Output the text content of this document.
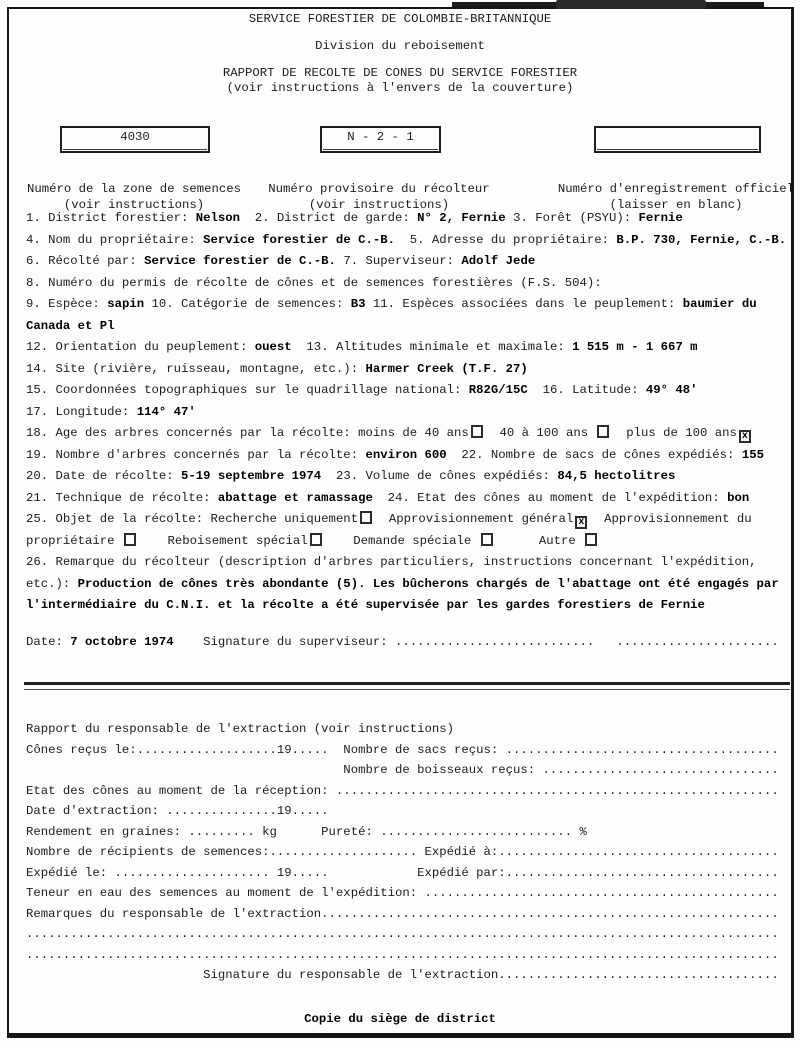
SERVICE FORESTIER DE COLOMBIE-BRITANNIQUE
Division du reboisement
RAPPORT DE RECOLTE DE CONES DU SERVICE FORESTIER
(voir instructions à l'envers de la couverture)
4030	N - 2 - 1

Numéro de la zone de semences
(voir instructions)

Numéro provisoire du récolteur
(voir instructions)

Numéro d'enregistrement officiel
(laisser en blanc)

1. District forestier: Nelson  2. District de garde: N° 2, Fernie 3. Forêt (PSYU): Fernie
4. Nom du propriétaire: Service forestier de C.-B.  5. Adresse du propriétaire: B.P. 730, Fernie, C.-B.
6. Récolté par: Service forestier de C.-B. 7. Superviseur: Adolf Jede
8. Numéro du permis de récolte de cônes et de semences forestières (F.S. 504):
9. Espèce: sapin 10. Catégorie de semences: B3 11. Espèces associées dans le peuplement: baumier du
Canada et Pl
12. Orientation du peuplement: ouest  13. Altitudes minimale et maximale: 1 515 m - 1 667 m
14. Site (rivière, ruisseau, montagne, etc.): Harmer Creek (T.F. 27)
15. Coordonnées topographiques sur le quadrillage national: R82G/15C  16. Latitude: 49° 48'
17. Longitude: 114° 47'
18. Age des arbres concernés par la récolte: moins de 40 ans  40 à 100 ans   plus de 100 ans x
19. Nombre d'arbres concernés par la récolte: environ 600  22. Nombre de sacs de cônes expédiés: 155
20. Date de récolte: 5-19 septembre 1974  23. Volume de cônes expédiés: 84,5 hectolitres
21. Technique de récolte: abattage et ramassage  24. Etat des cônes au moment de l'expédition: bon
25. Objet de la récolte: Recherche uniquement  Approvisionnement général x  Approvisionnement du
propriétaire     Reboisement spécial    Demande spéciale       Autre
26. Remarque du récolteur (description d'arbres particuliers, instructions concernant l'expédition,
etc.): Production de cônes très abondante (5). Les bûcherons chargés de l'abattage ont été engagés par
l'intermédiaire du C.N.I. et la récolte a été supervisée par les gardes forestiers de Fernie
Date: 7 octobre 1974    Signature du superviseur: ...........................   ......................
Rapport du responsable de l'extraction (voir instructions)
Cônes reçus le:...................19.....  Nombre de sacs reçus: .....................................
Nombre de boisseaux reçus: ................................
Etat des cônes au moment de la réception: ............................................................
Date d'extraction: ...............19.....
Rendement en graines: ......... kg      Pureté: .......................... %
Nombre de récipients de semences:.................... Expédié à:......................................
Expédié le: ..................... 19.....            Expédié par:.....................................
Teneur en eau des semences au moment de l'expédition: ................................................
Remarques du responsable de l'extraction..............................................................
......................................................................................................
......................................................................................................
Signature du responsable de l'extraction......................................
Copie du siège de district
